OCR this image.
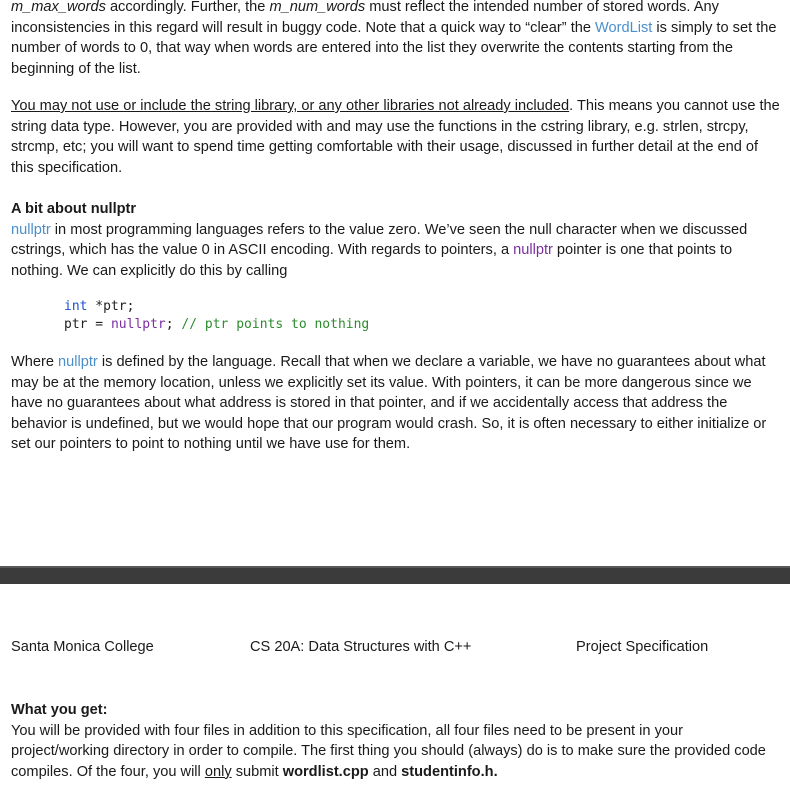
m_max_words accordingly. Further, the m_num_words must reflect the intended number of stored words. Any inconsistencies in this regard will result in buggy code. Note that a quick way to “clear” the WordList is simply to set the number of words to 0, that way when words are entered into the list they overwrite the contents starting from the beginning of the list.

You may not use or include the string library, or any other libraries not already included. This means you cannot use the string data type. However, you are provided with and may use the functions in the cstring library, e.g. strlen, strcpy, strcmp, etc; you will want to spend time getting comfortable with their usage, discussed in further detail at the end of this specification.

A bit about nullptr

nullptr in most programming languages refers to the value zero. We’ve seen the null character when we discussed cstrings, which has the value 0 in ASCII encoding. With regards to pointers, a nullptr pointer is one that points to nothing. We can explicitly do this by calling

int *ptr;
ptr = nullptr; // ptr points to nothing

Where nullptr is defined by the language. Recall that when we declare a variable, we have no guarantees about what may be at the memory location, unless we explicitly set its value. With pointers, it can be more dangerous since we have no guarantees about what address is stored in that pointer, and if we accidentally access that address the behavior is undefined, but we would hope that our program would crash. So, it is often necessary to either initialize or set our pointers to point to nothing until we have use for them.

Santa Monica College	CS 20A: Data Structures with C++	Project Specification

What you get:

You will be provided with four files in addition to this specification, all four files need to be present in your project/working directory in order to compile. The first thing you should (always) do is to make sure the provided code compiles. Of the four, you will only submit wordlist.cpp and studentinfo.h.
